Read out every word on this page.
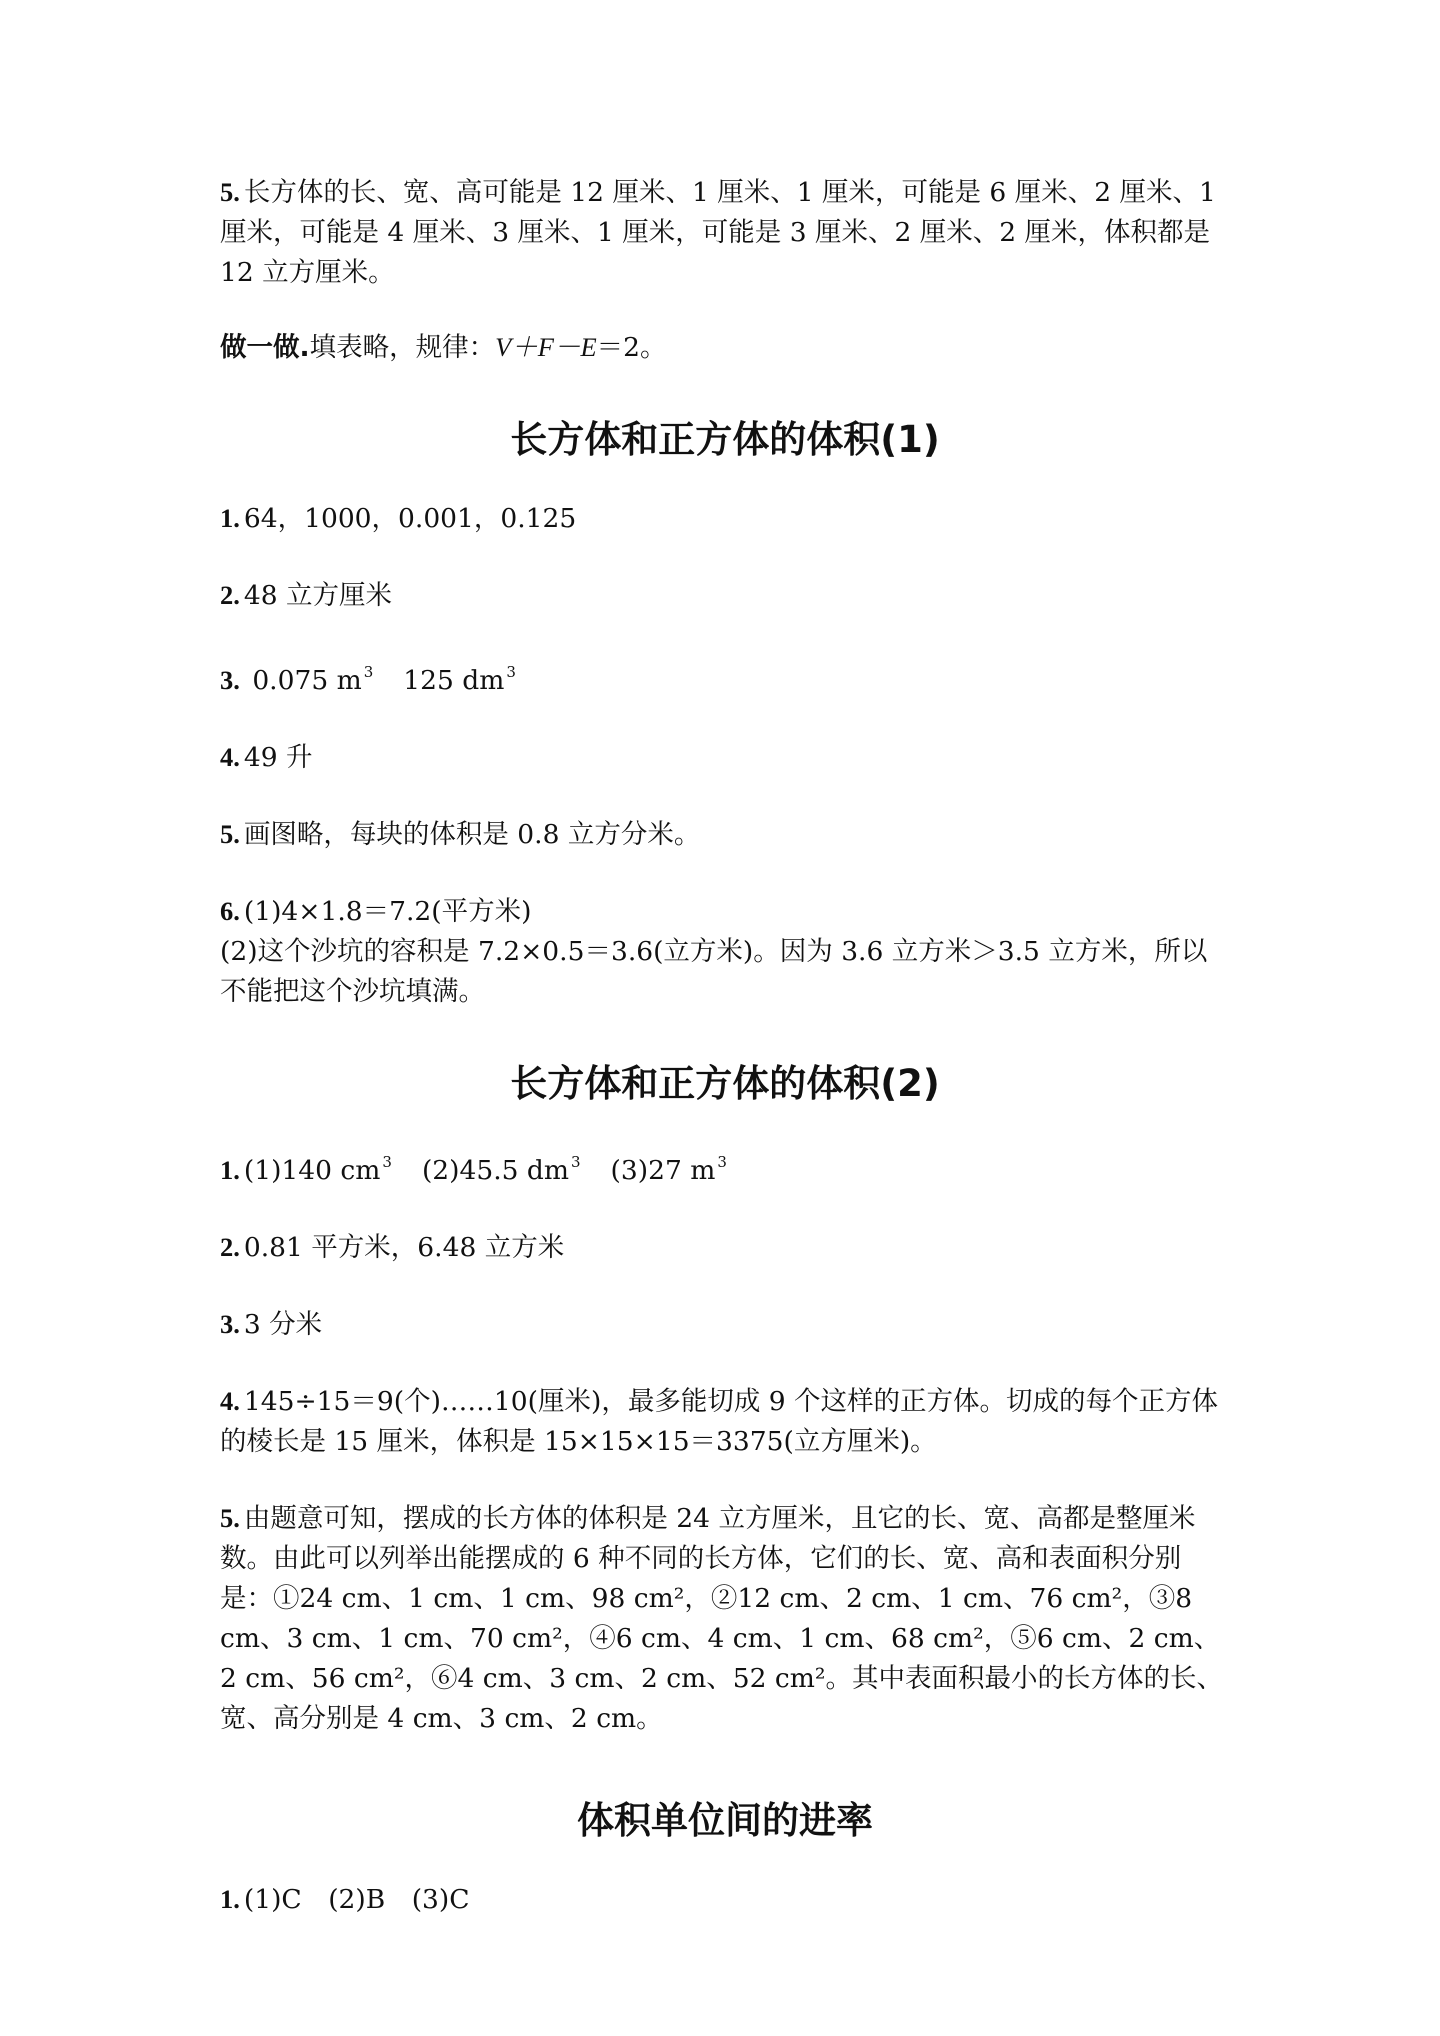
5. 长方体的长、宽、高可能是 12 厘米、1 厘米、1 厘米，可能是 6 厘米、2 厘米、1 厘米，可能是 4 厘米、3 厘米、1 厘米，可能是 3 厘米、2 厘米、2 厘米，体积都是 12 立方厘米。

做一做.填表略，规律：V＋F－E＝2。

长方体和正方体的体积(1)

1. 64，1000，0.001，0.125

2. 48 立方厘米

3. 0.075 m $^3$ 125 dm $^3$

4. 49 升

5. 画图略，每块的体积是 0.8 立方分米。

6. (1)4×1.8＝7.2(平方米)
(2)这个沙坑的容积是 7.2×0.5＝3.6(立方米)。因为 3.6 立方米＞3.5 立方米，所以不能把这个沙坑填满。

长方体和正方体的体积(2)

1. (1)140 cm $^3$ (2)45.5 dm $^3$ (3)27 m $^3$

2. 0.81 平方米，6.48 立方米

3. 3 分米

4. 145÷15＝9(个)……10(厘米)，最多能切成 9 个这样的正方体。切成的每个正方体的棱长是 15 厘米，体积是 15×15×15＝3375(立方厘米)。

5. 由题意可知，摆成的长方体的体积是 24 立方厘米，且它的长、宽、高都是整厘米数。由此可以列举出能摆成的 6 种不同的长方体，它们的长、宽、高和表面积分别是：①24 cm、1 cm、1 cm、98 cm²，②12 cm、2 cm、1 cm、76 cm²，③8 cm、3 cm、1 cm、70 cm²，④6 cm、4 cm、1 cm、68 cm²，⑤6 cm、2 cm、2 cm、56 cm²，⑥4 cm、3 cm、2 cm、52 cm²。其中表面积最小的长方体的长、宽、高分别是 4 cm、3 cm、2 cm。

体积单位间的进率

1. (1)C　(2)B　(3)C
